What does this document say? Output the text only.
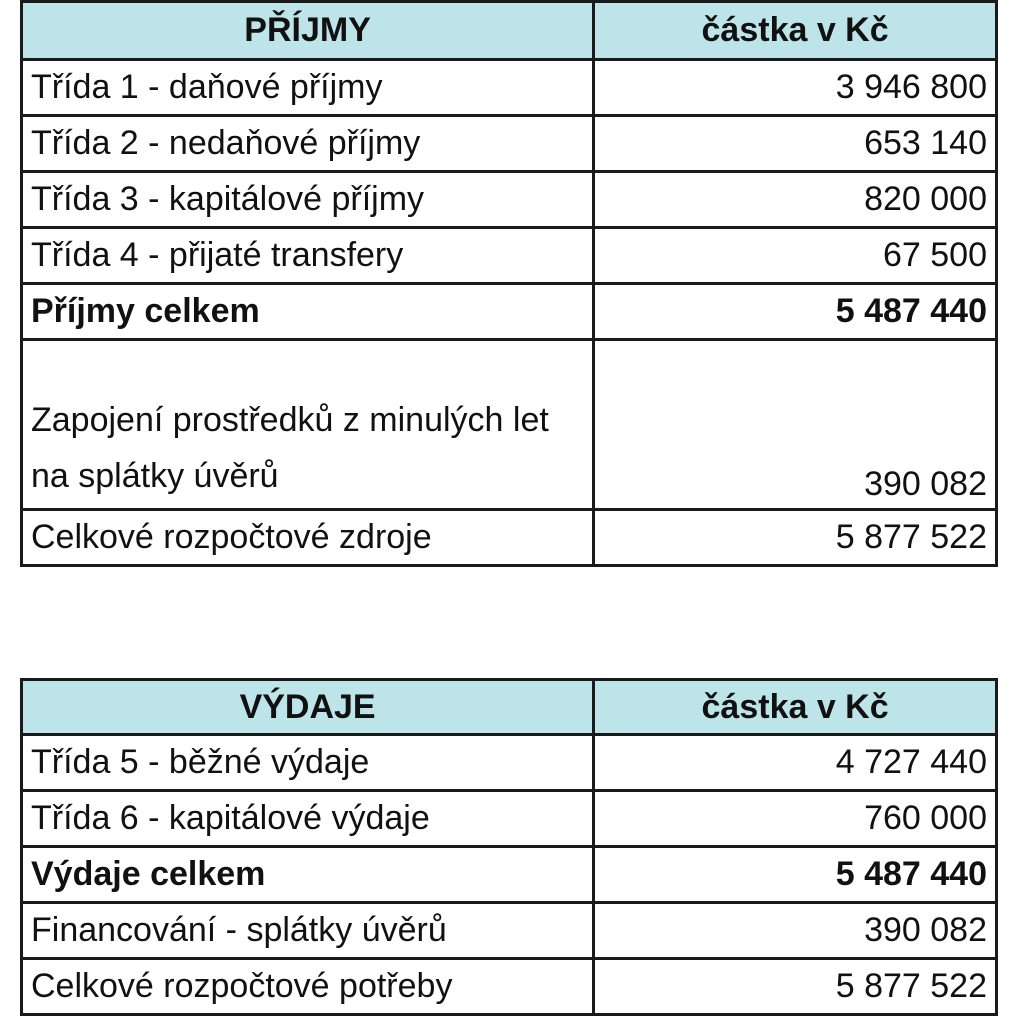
PŘÍJMY	částka v Kč
Třída 1 - daňové příjmy	3 946 800
Třída 2 - nedaňové příjmy	653 140
Třída 3 - kapitálové příjmy	820 000
Třída 4 - přijaté transfery	67 500
Příjmy celkem	5 487 440
Zapojení prostředků z minulých let na splátky úvěrů	390 082
Celkové rozpočtové zdroje	5 877 522
VÝDAJE	částka v Kč
Třída 5 - běžné výdaje	4 727 440
Třída 6 - kapitálové výdaje	760 000
Výdaje celkem	5 487 440
Financování - splátky úvěrů	390 082
Celkové rozpočtové potřeby	5 877 522
